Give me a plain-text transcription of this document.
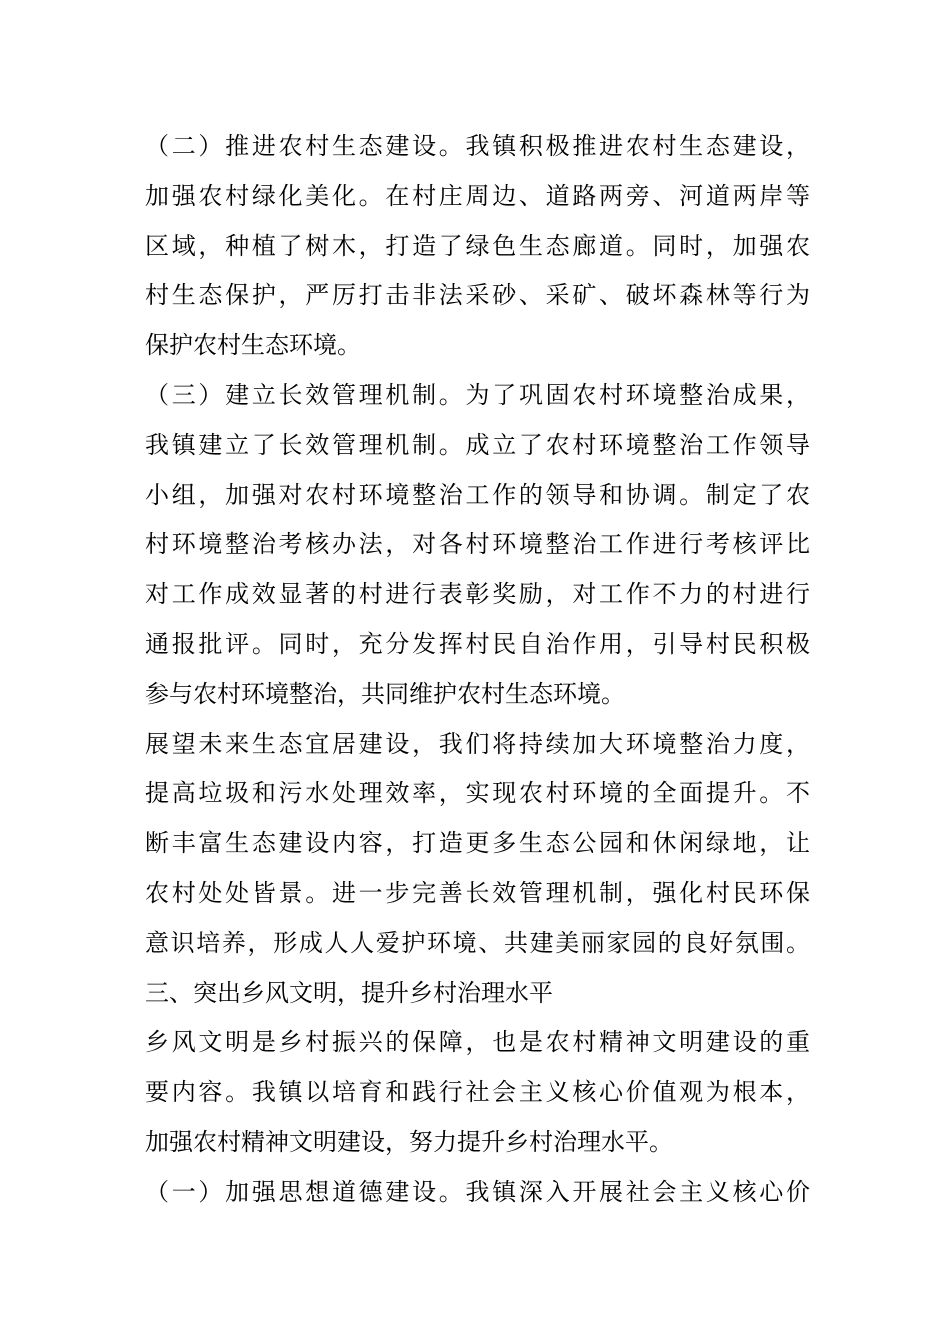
（二）推进农村生态建设。我镇积极推进农村生态建设，
加强农村绿化美化。在村庄周边、道路两旁、河道两岸等
区域，种植了树木，打造了绿色生态廊道。同时，加强农
村生态保护，严厉打击非法采砂、采矿、破坏森林等行为
保护农村生态环境。
（三）建立长效管理机制。为了巩固农村环境整治成果，
我镇建立了长效管理机制。成立了农村环境整治工作领导
小组，加强对农村环境整治工作的领导和协调。制定了农
村环境整治考核办法，对各村环境整治工作进行考核评比
对工作成效显著的村进行表彰奖励，对工作不力的村进行
通报批评。同时，充分发挥村民自治作用，引导村民积极
参与农村环境整治，共同维护农村生态环境。
展望未来生态宜居建设，我们将持续加大环境整治力度，
提高垃圾和污水处理效率，实现农村环境的全面提升。不
断丰富生态建设内容，打造更多生态公园和休闲绿地，让
农村处处皆景。进一步完善长效管理机制，强化村民环保
意识培养，形成人人爱护环境、共建美丽家园的良好氛围。
三、突出乡风文明，提升乡村治理水平
乡风文明是乡村振兴的保障，也是农村精神文明建设的重
要内容。我镇以培育和践行社会主义核心价值观为根本，
加强农村精神文明建设，努力提升乡村治理水平。
（一）加强思想道德建设。我镇深入开展社会主义核心价
